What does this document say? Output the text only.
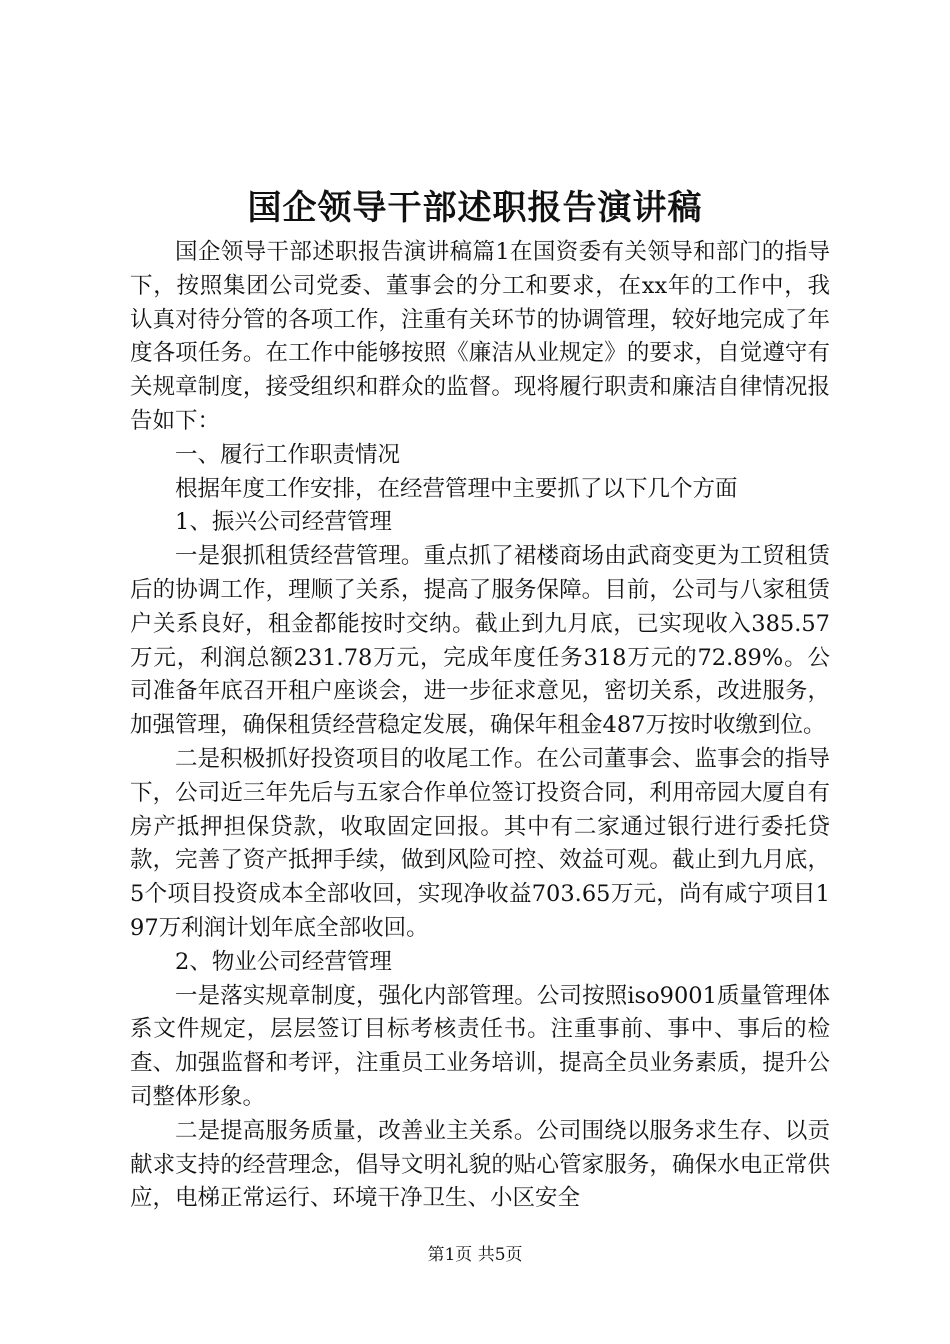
国企领导干部述职报告演讲稿

国企领导干部述职报告演讲稿篇1在国资委有关领导和部门的指导下，按照集团公司党委、董事会的分工和要求，在xx年的工作中，我认真对待分管的各项工作，注重有关环节的协调管理，较好地完成了年度各项任务。在工作中能够按照《廉洁从业规定》的要求，自觉遵守有关规章制度，接受组织和群众的监督。现将履行职责和廉洁自律情况报告如下：

一、履行工作职责情况

根据年度工作安排，在经营管理中主要抓了以下几个方面

1、振兴公司经营管理

一是狠抓租赁经营管理。重点抓了裙楼商场由武商变更为工贸租赁后的协调工作，理顺了关系，提高了服务保障。目前，公司与八家租赁户关系良好，租金都能按时交纳。截止到九月底，已实现收入385.57万元，利润总额231.78万元，完成年度任务318万元的72.89%。公司准备年底召开租户座谈会，进一步征求意见，密切关系，改进服务，加强管理，确保租赁经营稳定发展，确保年租金487万按时收缴到位。

二是积极抓好投资项目的收尾工作。在公司董事会、监事会的指导下，公司近三年先后与五家合作单位签订投资合同，利用帝园大厦自有房产抵押担保贷款，收取固定回报。其中有二家通过银行进行委托贷款，完善了资产抵押手续，做到风险可控、效益可观。截止到九月底，5个项目投资成本全部收回，实现净收益703.65万元，尚有咸宁项目197万利润计划年底全部收回。

2、物业公司经营管理

一是落实规章制度，强化内部管理。公司按照iso9001质量管理体系文件规定，层层签订目标考核责任书。注重事前、事中、事后的检查、加强监督和考评，注重员工业务培训，提高全员业务素质，提升公司整体形象。

二是提高服务质量，改善业主关系。公司围绕以服务求生存、以贡献求支持的经营理念，倡导文明礼貌的贴心管家服务，确保水电正常供应，电梯正常运行、环境干净卫生、小区安全

第1页 共5页
